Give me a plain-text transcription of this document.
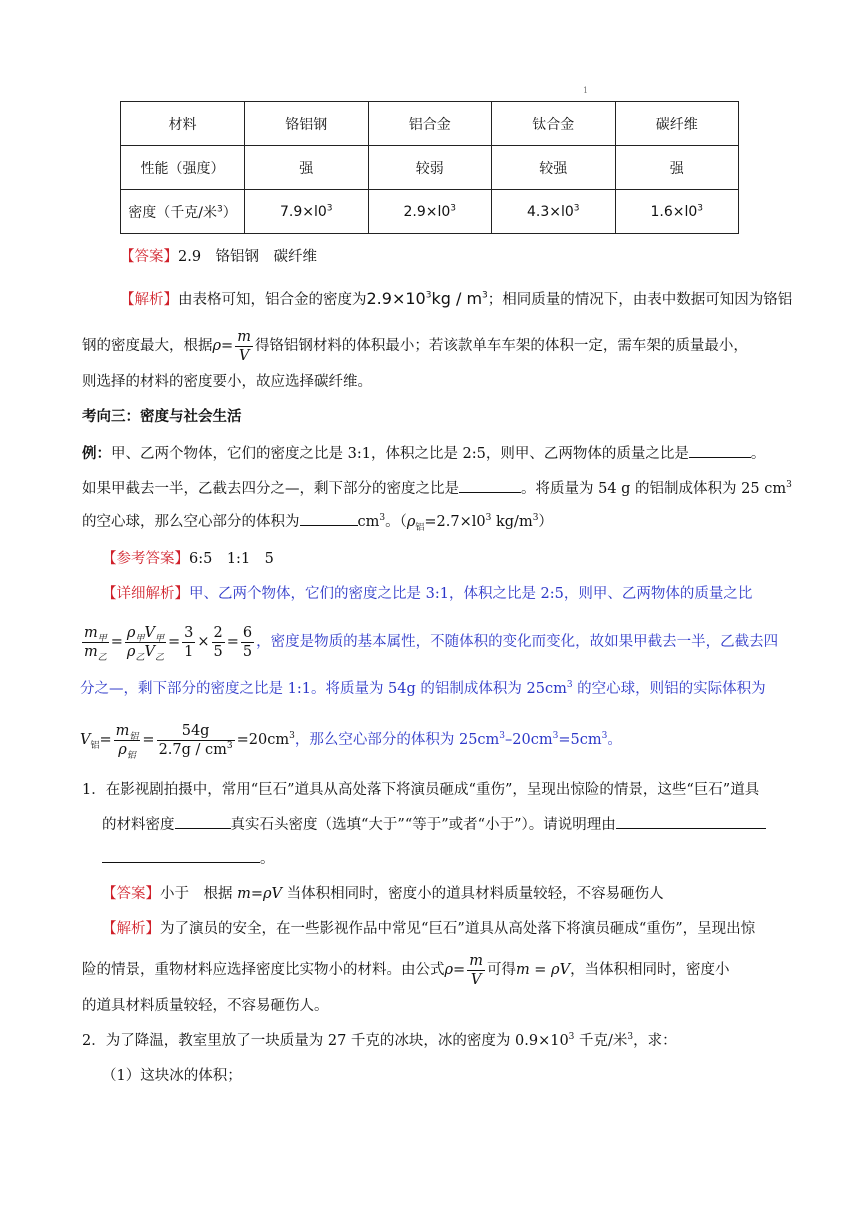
1
材料	铬铝钢	铝合金	钛合金	碳纤维
性能（强度）	强	较弱	较强	强
密度（千克/米$^3$）	$7.9\times l0^3$	$2.9\times l0^3$	$4.3\times l0^3$	$1.6\times l0^3$
【答案】2.9　铬铝钢　碳纤维
【解析】由表格可知，铝合金的密度为$2.9\times 10^3kg / m^3$；相同质量的情况下，由表中数据可知因为铬铝
钢的密度最大，根据$\rho= \frac{m}{V}$ 得铬铝钢材料的体积最小；若该款单车车架的体积一定，需车架的质量最小，
则选择的材料的密度要小，故应选择碳纤维。
考向三：密度与社会生活
例：甲、乙两个物体，它们的密度之比是 3:1，体积之比是 2:5，则甲、乙两物体的质量之比是	。
如果甲截去一半，乙截去四分之—，剩下部分的密度之比是	。将质量为 54 g 的铝制成体积为 25 $cm^3$
的空心球，那么空心部分的体积为	$cm^3$。（$\rho_铝=2.7\times l0^3$ $kg/m^3$）
【参考答案】6:5　1:1　5
【详细解析】甲、乙两个物体，它们的密度之比是 3:1，体积之比是 2:5，则甲、乙两物体的质量之比
$\frac{m_甲}{m_乙} = \frac{\rho_甲V_甲}{\rho_乙V_乙} = \frac{3}{1} \times \frac{2}{5} = \frac{6}{5}$ ，密度是物质的基本属性，不随体积的变化而变化，故如果甲截去一半，乙截去四
分之—，剩下部分的密度之比是 1:1。将质量为 54g 的铝制成体积为 $25cm^3$ 的空心球，则铝的实际体积为
$V_铝= \frac{m_铝}{\rho_铝} = \frac{54g}{2.7g / cm^3} =20cm^3$，那么空心部分的体积为 $25cm^3-20cm^3=5cm^3$。
1．在影视剧拍摄中，常用“巨石”道具从高处落下将演员砸成“重伤”，呈现出惊险的情景，这些“巨石”道具
的材料密度	真实石头密度（选填“大于”“等于”或者“小于”）。请说明理由
。
【答案】小于　根据 m=ρV 当体积相同时，密度小的道具材料质量较轻，不容易砸伤人
【解析】为了演员的安全，在一些影视作品中常见“巨石”道具从高处落下将演员砸成“重伤”，呈现出惊
险的情景，重物材料应选择密度比实物小的材料。由公式$\rho= \frac{m}{V}$ 可得m = ρV，当体积相同时，密度小
的道具材料质量较轻，不容易砸伤人。
2．为了降温，教室里放了一块质量为 27 千克的冰块，冰的密度为 $0.9\times 10^3$ 千克/米$^3$，求：
（1）这块冰的体积；
